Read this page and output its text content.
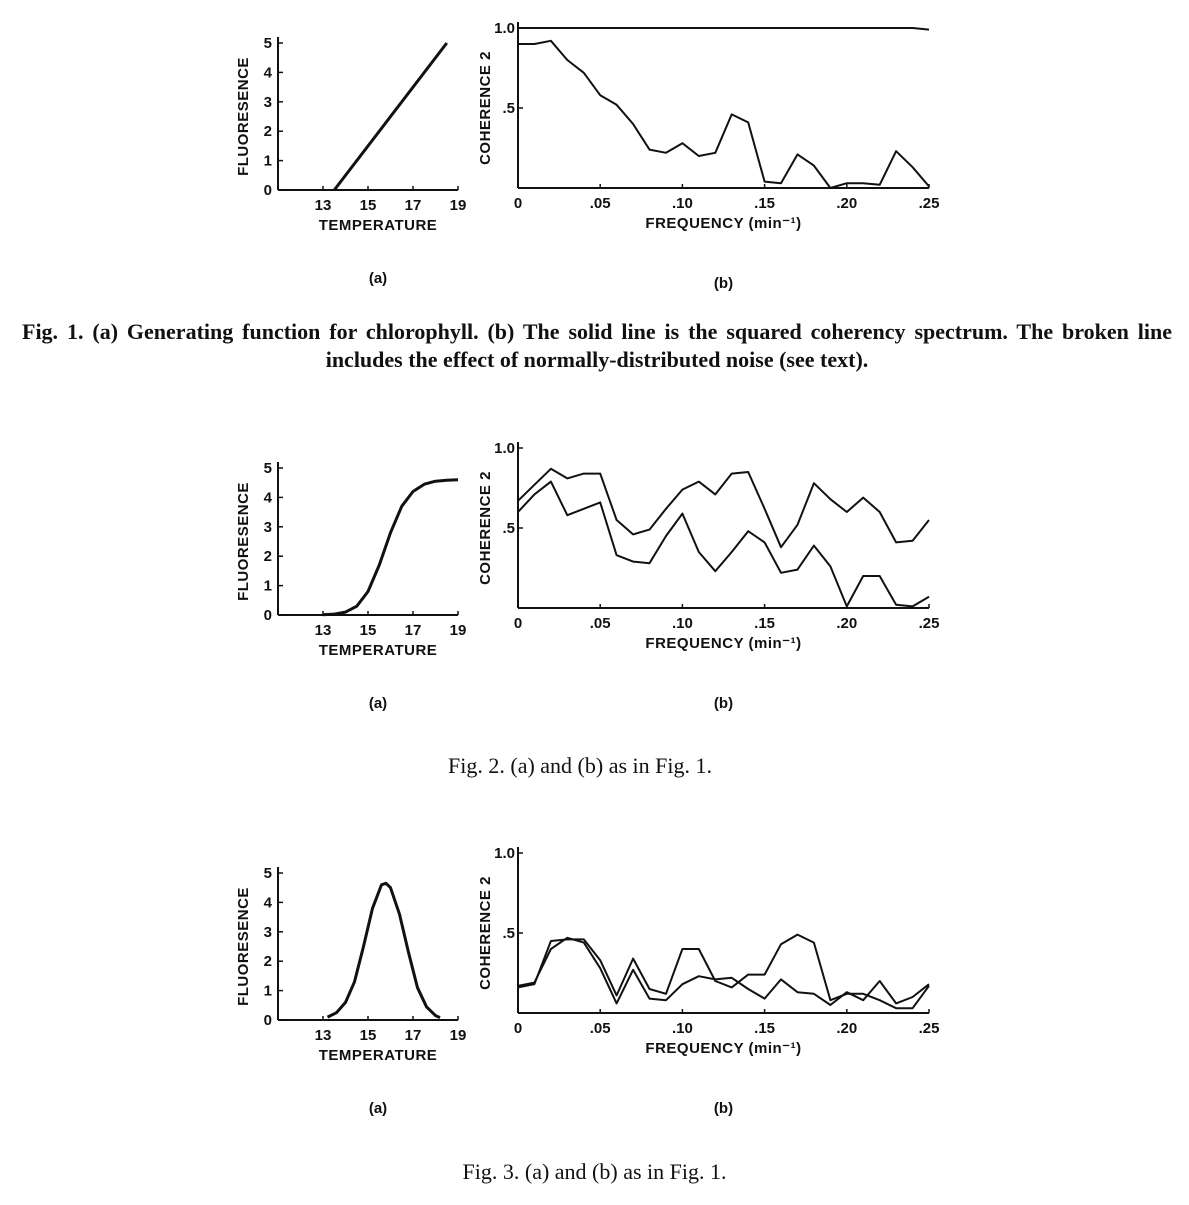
0
1
2
3
4
5
13 15 17 19
TEMPERATURE
FLUORESENCE
(a)
1.0
.5
0	.05	.10	.15	.20	.25
FREQUENCY (min⁻¹)
COHERENCE 2
(b)
Fig. 1. (a) Generating function for chlorophyll. (b) The solid line is the squared coherency spectrum. The broken line includes the effect of normally-distributed noise (see text).
0
1
2
3
4
5
13 15 17 19
TEMPERATURE
FLUORESENCE
(a)
1.0
.5
0	.05	.10	.15	.20	.25
FREQUENCY (min⁻¹)
COHERENCE 2
(b)
Fig. 2. (a) and (b) as in Fig. 1.
0
1
2
3
4
5
13 15 17 19
TEMPERATURE
FLUORESENCE
(a)
1.0
.5
0	.05	.10	.15	.20	.25
FREQUENCY (min⁻¹)
COHERENCE 2
(b)
Fig. 3. (a) and (b) as in Fig. 1.
